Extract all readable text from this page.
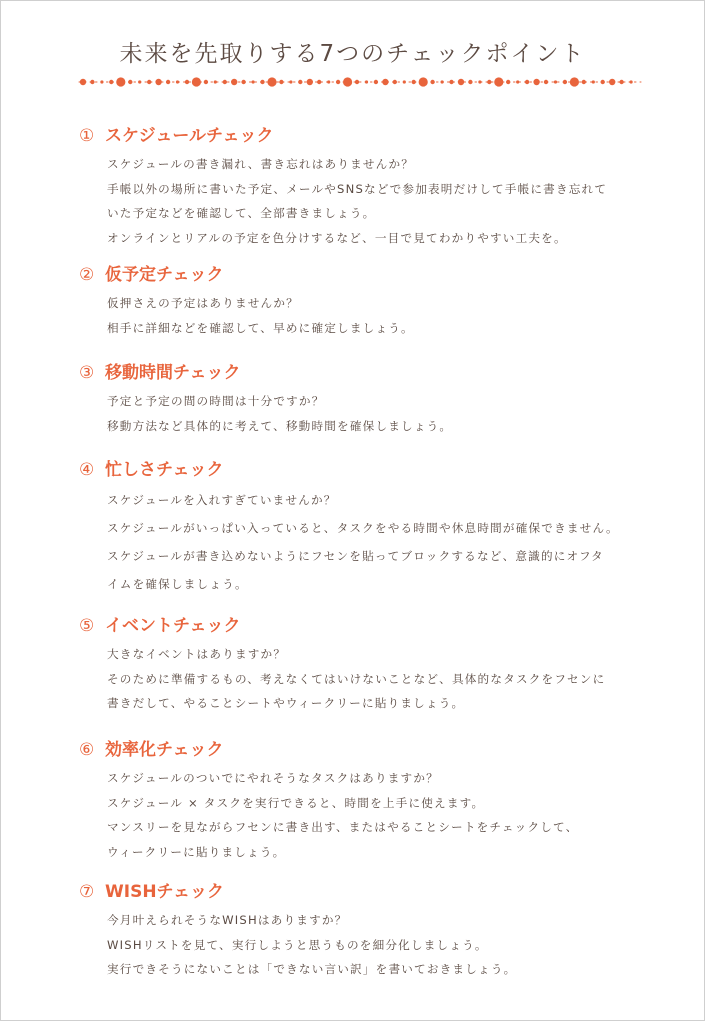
未来を先取りする7つのチェックポイント
① スケジュールチェック
スケジュールの書き漏れ、書き忘れはありませんか？
手帳以外の場所に書いた予定、メールやSNSなどで参加表明だけして手帳に書き忘れて
いた予定などを確認して、全部書きましょう。
オンラインとリアルの予定を色分けするなど、一目で見てわかりやすい工夫を。
② 仮予定チェック
仮押さえの予定はありませんか？
相手に詳細などを確認して、早めに確定しましょう。
③ 移動時間チェック
予定と予定の間の時間は十分ですか？
移動方法など具体的に考えて、移動時間を確保しましょう。
④ 忙しさチェック
スケジュールを入れすぎていませんか？
スケジュールがいっぱい入っていると、タスクをやる時間や休息時間が確保できません。
スケジュールが書き込めないようにフセンを貼ってブロックするなど、意識的にオフタ
イムを確保しましょう。
⑤ イベントチェック
大きなイベントはありますか？
そのために準備するもの、考えなくてはいけないことなど、具体的なタスクをフセンに
書きだして、やることシートやウィークリーに貼りましょう。
⑥ 効率化チェック
スケジュールのついでにやれそうなタスクはありますか？
スケジュール × タスクを実行できると、時間を上手に使えます。
マンスリーを見ながらフセンに書き出す、またはやることシートをチェックして、
ウィークリーに貼りましょう。
⑦ WISHチェック
今月叶えられそうなWISHはありますか？
WISHリストを見て、実行しようと思うものを細分化しましょう。
実行できそうにないことは「できない言い訳」を書いておきましょう。
